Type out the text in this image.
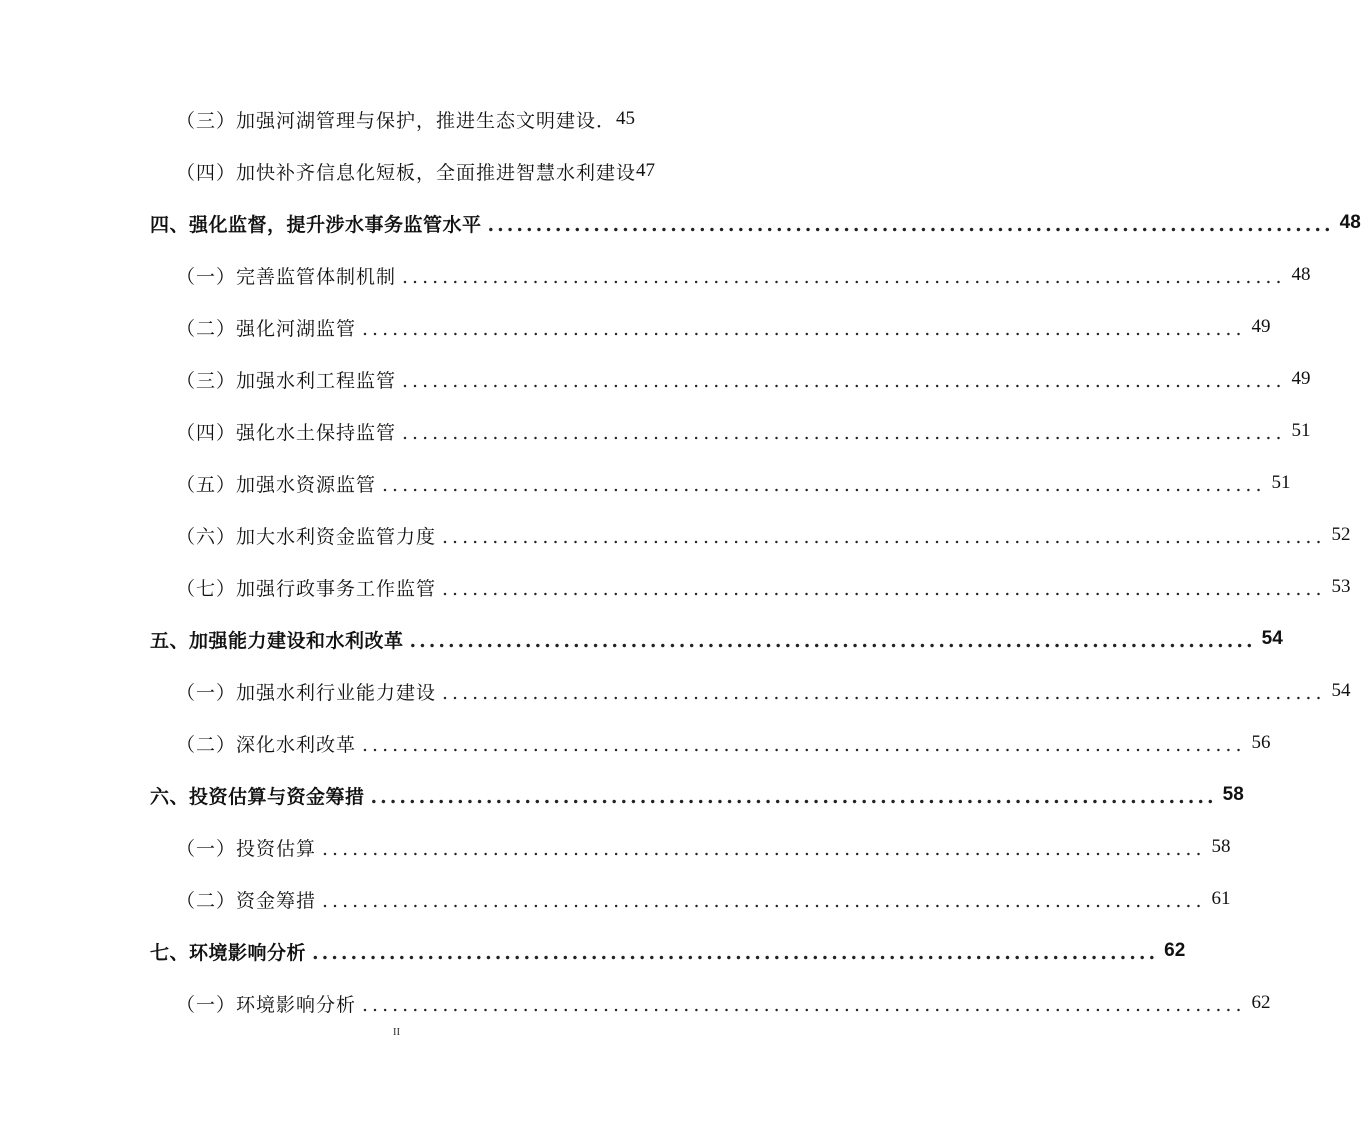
（三）加强河湖管理与保护，推进生态文明建设． 45
（四）加快补齐信息化短板，全面推进智慧水利建设 47
四、强化监督，提升涉水事务监管水平 ........................................................................................ 48
（一）完善监管体制机制 ........................................................................................ 48
（二）强化河湖监管 ........................................................................................ 49
（三）加强水利工程监管 ........................................................................................ 49
（四）强化水土保持监管 ........................................................................................ 51
（五）加强水资源监管 ........................................................................................ 51
（六）加大水利资金监管力度 ........................................................................................ 52
（七）加强行政事务工作监管 ........................................................................................ 53
五、加强能力建设和水利改革 ........................................................................................ 54
（一）加强水利行业能力建设 ........................................................................................ 54
（二）深化水利改革 ........................................................................................ 56
六、投资估算与资金筹措 ........................................................................................ 58
（一）投资估算 ........................................................................................ 58
（二）资金筹措 ........................................................................................ 61
七、环境影响分析 ........................................................................................ 62
（一）环境影响分析 ........................................................................................ 62
II
